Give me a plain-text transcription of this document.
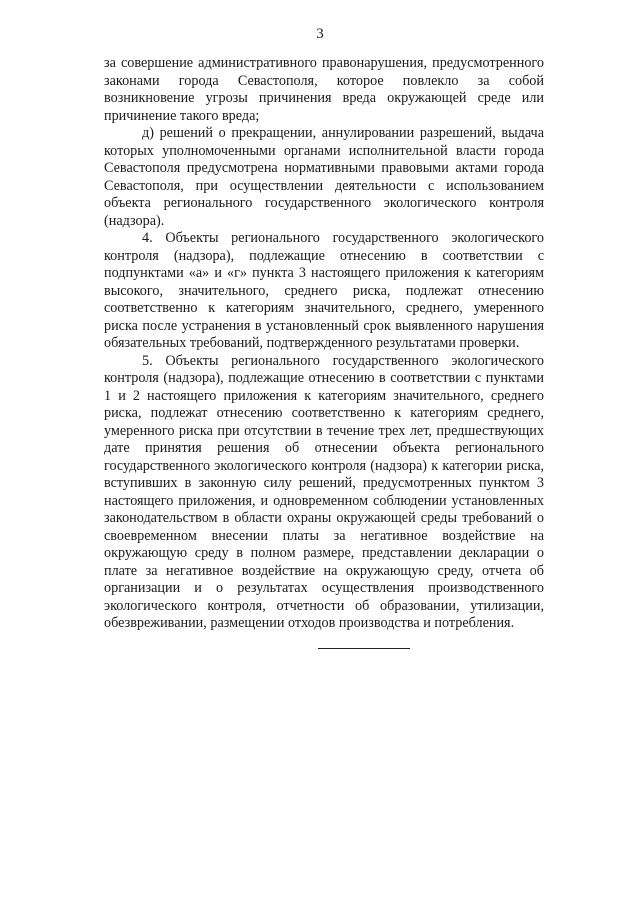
3

за совершение административного правонарушения, предусмотренного законами города Севастополя, которое повлекло за собой возникновение угрозы причинения вреда окружающей среде или причинение такого вреда;

д) решений о прекращении, аннулировании разрешений, выдача которых уполномоченными органами исполнительной власти города Севастополя предусмотрена нормативными правовыми актами города Севастополя, при осуществлении деятельности с использованием объекта регионального государственного экологического контроля (надзора).

4. Объекты регионального государственного экологического контроля (надзора), подлежащие отнесению в соответствии с подпунктами «а» и «г» пункта 3 настоящего приложения к категориям высокого, значительного, среднего риска, подлежат отнесению соответственно к категориям значительного, среднего, умеренного риска после устранения в установленный срок выявленного нарушения обязательных требований, подтвержденного результатами проверки.

5. Объекты регионального государственного экологического контроля (надзора), подлежащие отнесению в соответствии с пунктами 1 и 2 настоящего приложения к категориям значительного, среднего риска, подлежат отнесению соответственно к категориям среднего, умеренного риска при отсутствии в течение трех лет, предшествующих дате принятия решения об отнесении объекта регионального государственного экологического контроля (надзора) к категории риска, вступивших в законную силу решений, предусмотренных пунктом 3 настоящего приложения, и одновременном соблюдении установленных законодательством в области охраны окружающей среды требований о своевременном внесении платы за негативное воздействие на окружающую среду в полном размере, представлении декларации о плате за негативное воздействие на окружающую среду, отчета об организации и о результатах осуществления производственного экологического контроля, отчетности об образовании, утилизации, обезвреживании, размещении отходов производства и потребления.
